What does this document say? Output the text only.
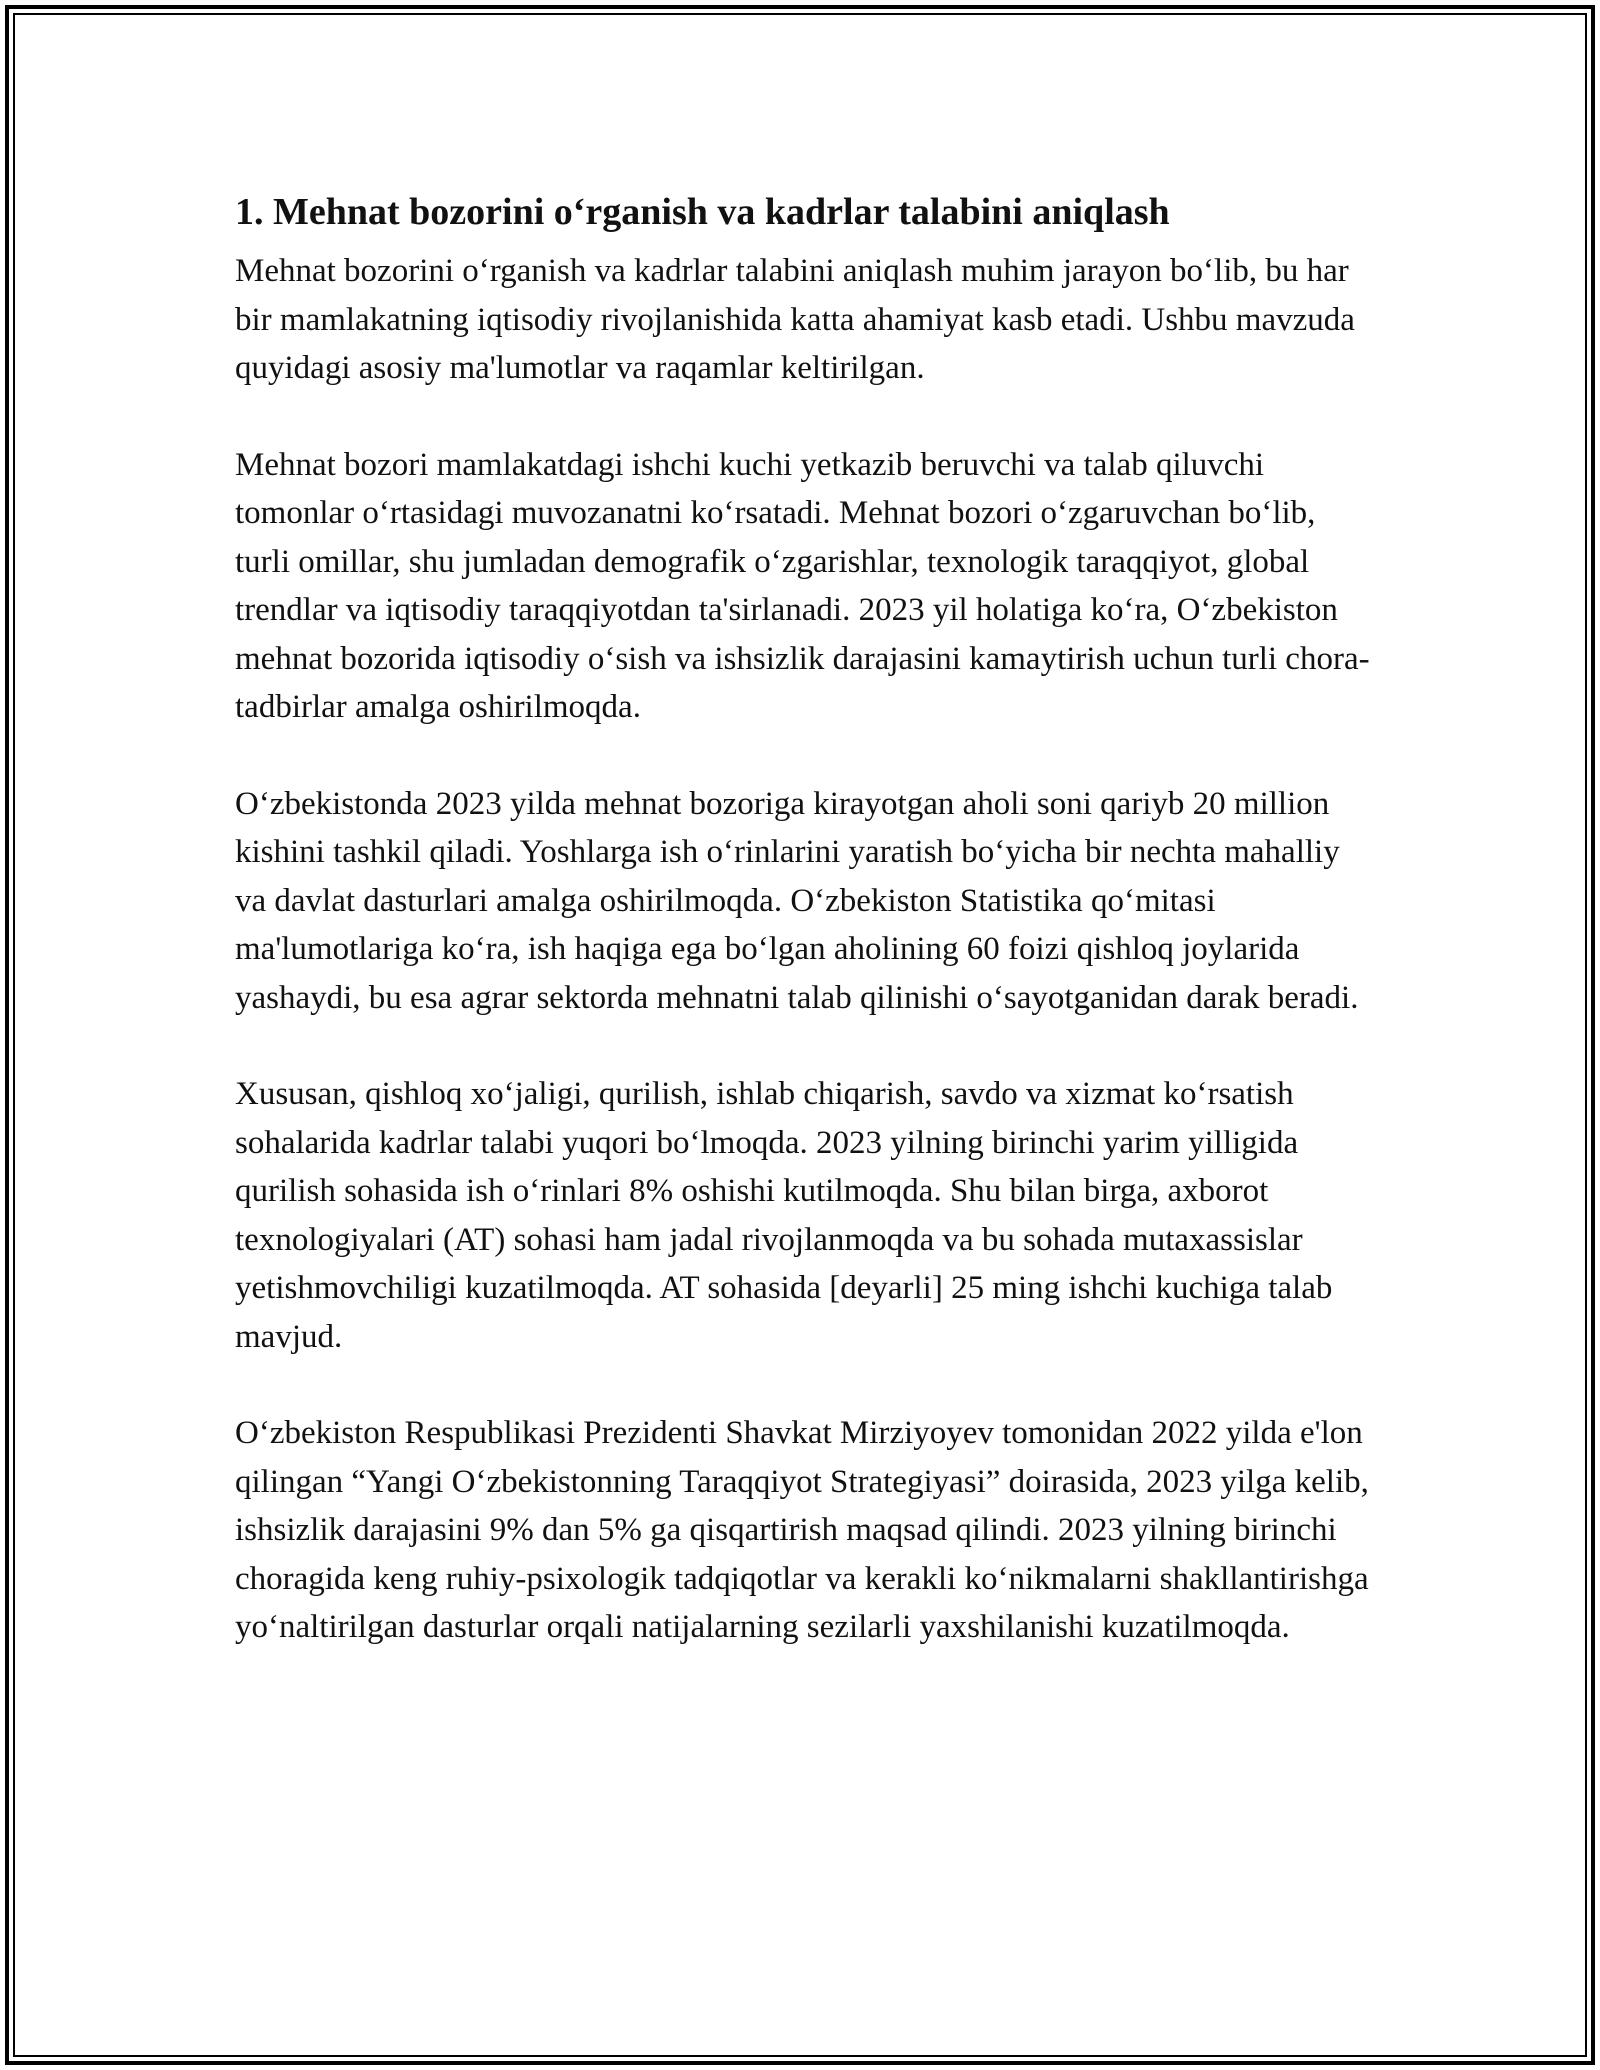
1. Mehnat bozorini o‘rganish va kadrlar talabini aniqlash

Mehnat bozorini o‘rganish va kadrlar talabini aniqlash muhim jarayon bo‘lib, bu har bir mamlakatning iqtisodiy rivojlanishida katta ahamiyat kasb etadi. Ushbu mavzuda quyidagi asosiy ma'lumotlar va raqamlar keltirilgan.

Mehnat bozori mamlakatdagi ishchi kuchi yetkazib beruvchi va talab qiluvchi tomonlar o‘rtasidagi muvozanatni ko‘rsatadi. Mehnat bozori o‘zgaruvchan bo‘lib, turli omillar, shu jumladan demografik o‘zgarishlar, texnologik taraqqiyot, global trendlar va iqtisodiy taraqqiyotdan ta'sirlanadi. 2023 yil holatiga ko‘ra, O‘zbekiston mehnat bozorida iqtisodiy o‘sish va ishsizlik darajasini kamaytirish uchun turli chora-tadbirlar amalga oshirilmoqda.

O‘zbekistonda 2023 yilda mehnat bozoriga kirayotgan aholi soni qariyb 20 million kishini tashkil qiladi. Yoshlarga ish o‘rinlarini yaratish bo‘yicha bir nechta mahalliy va davlat dasturlari amalga oshirilmoqda. O‘zbekiston Statistika qo‘mitasi ma'lumotlariga ko‘ra, ish haqiga ega bo‘lgan aholining 60 foizi qishloq joylarida yashaydi, bu esa agrar sektorda mehnatni talab qilinishi o‘sayotganidan darak beradi.

Xususan, qishloq xo‘jaligi, qurilish, ishlab chiqarish, savdo va xizmat ko‘rsatish sohalarida kadrlar talabi yuqori bo‘lmoqda. 2023 yilning birinchi yarim yilligida qurilish sohasida ish o‘rinlari 8% oshishi kutilmoqda. Shu bilan birga, axborot texnologiyalari (AT) sohasi ham jadal rivojlanmoqda va bu sohada mutaxassislar yetishmovchiligi kuzatilmoqda. AT sohasida [deyarli] 25 ming ishchi kuchiga talab mavjud.

O‘zbekiston Respublikasi Prezidenti Shavkat Mirziyoyev tomonidan 2022 yilda e'lon qilingan “Yangi O‘zbekistonning Taraqqiyot Strategiyasi” doirasida, 2023 yilga kelib, ishsizlik darajasini 9% dan 5% ga qisqartirish maqsad qilindi. 2023 yilning birinchi choragida keng ruhiy-psixologik tadqiqotlar va kerakli ko‘nikmalarni shakllantirishga yo‘naltirilgan dasturlar orqali natijalarning sezilarli yaxshilanishi kuzatilmoqda.
